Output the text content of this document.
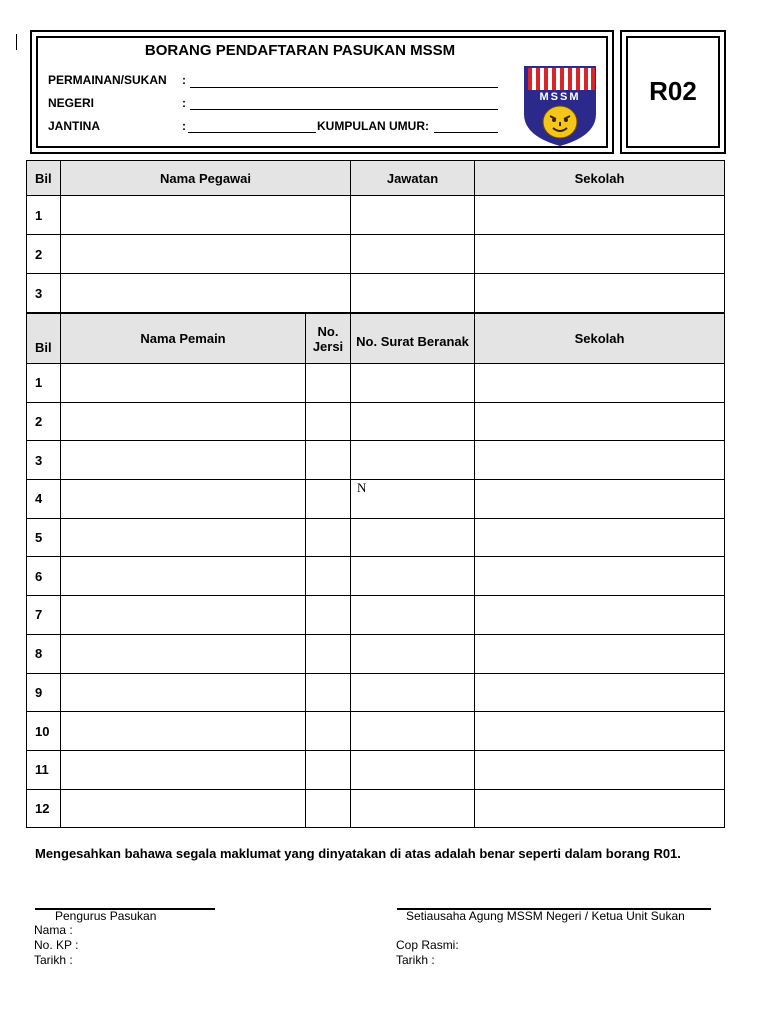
BORANG PENDAFTARAN PASUKAN MSSM
PERMAINAN/SUKAN :
NEGERI	:
JANTINA	:	KUMPULAN UMUR:
MSSM	R02
Bil	Nama Pegawai	Jawatan	Sekolah
1			
2			
3			
Bil	Nama Pemain	No. Jersi	No. Surat Beranak	Sekolah
1				
2				
3				
4				
5				
6				
7				
8				
9				
10				
11				
12				
N
Mengesahkan bahawa segala maklumat yang dinyatakan di atas adalah benar seperti dalam borang R01.
Pengurus Pasukan
Nama :
No. KP :
Tarikh :
Setiausaha Agung MSSM Negeri / Ketua Unit Sukan
Cop Rasmi:
Tarikh :
